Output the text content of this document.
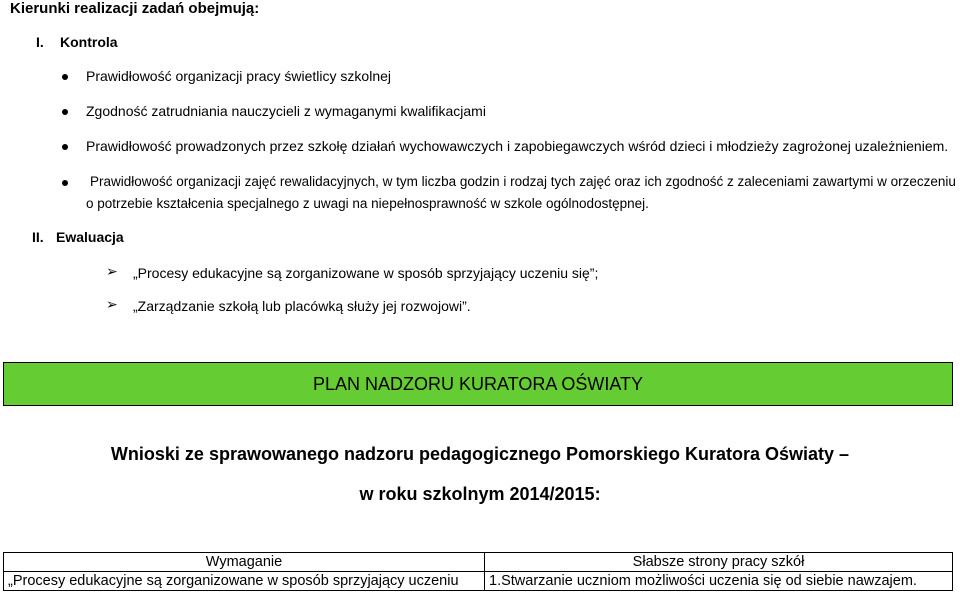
Kierunki realizacji zadań obejmują:
I. Kontrola
Prawidłowość organizacji pracy świetlicy szkolnej
Zgodność zatrudniania nauczycieli z wymaganymi kwalifikacjami
Prawidłowość prowadzonych przez szkołę działań wychowawczych i zapobiegawczych wśród dzieci i młodzieży zagrożonej uzależnieniem.
Prawidłowość organizacji zajęć rewalidacyjnych, w tym liczba godzin i rodzaj tych zajęć oraz ich zgodność z zaleceniami zawartymi w orzeczeniu
o potrzebie kształcenia specjalnego z uwagi na niepełnosprawność w szkole ogólnodostępnej.
II. Ewaluacja
➢ „Procesy edukacyjne są zorganizowane w sposób sprzyjający uczeniu się”;
➢ „Zarządzanie szkołą lub placówką służy jej rozwojowi”.
PLAN NADZORU KURATORA OŚWIATY
Wnioski ze sprawowanego nadzoru pedagogicznego Pomorskiego Kuratora Oświaty –
w roku szkolnym 2014/2015:
Wymaganie	Słabsze strony pracy szkół
„Procesy edukacyjne są zorganizowane w sposób sprzyjający uczeniu	1.Stwarzanie uczniom możliwości uczenia się od siebie nawzajem.
